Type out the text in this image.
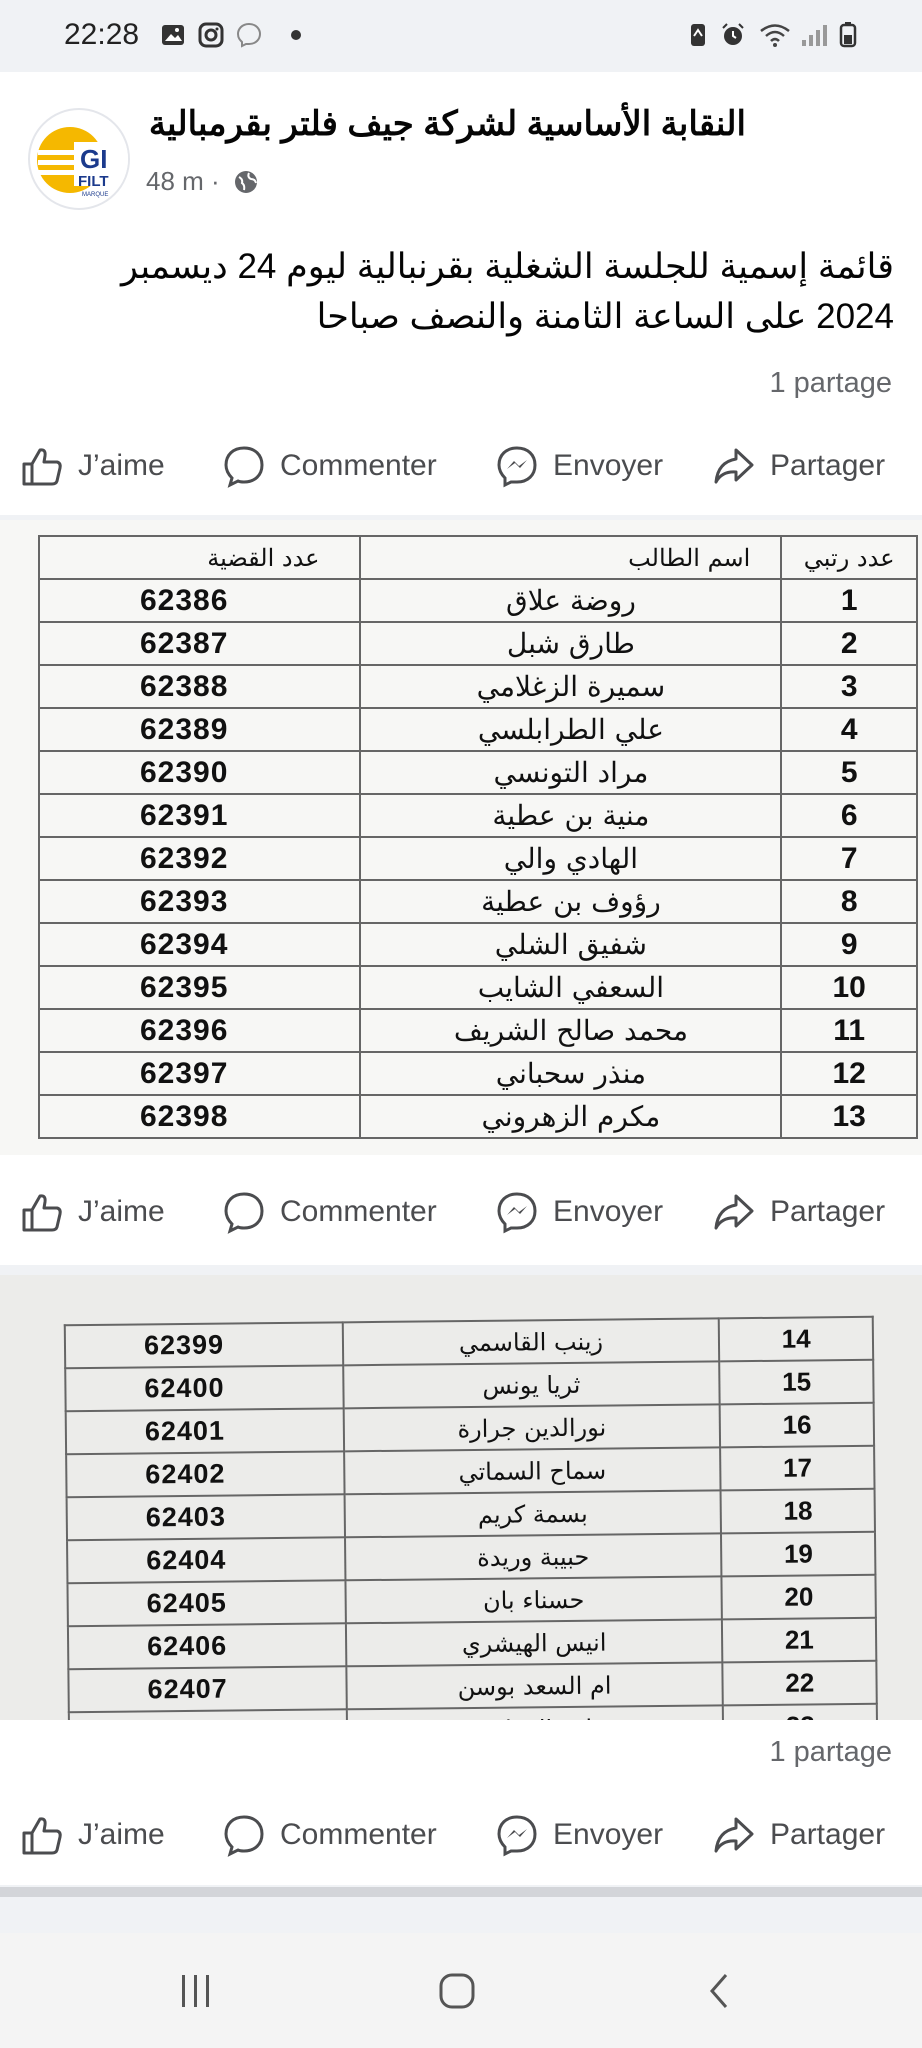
22:28
GI
FILT
MARQUE
النقابة الأساسية لشركة جيف فلتر بقرمبالية
48 m ·
قائمة إسمية للجلسة الشغلية بقرنبالية ليوم 24 ديسمبر 2024 على الساعة الثامنة والنصف صباحا
1 partage
J’aime	Commenter	Envoyer	Partager
عدد القضية	اسم الطالب	عدد رتبي
62386	روضة علاق	1
62387	طارق شبل	2
62388	سميرة الزغلامي	3
62389	علي الطرابلسي	4
62390	مراد التونسي	5
62391	منية بن عطية	6
62392	الهادي والي	7
62393	رؤوف بن عطية	8
62394	شفيق الشلي	9
62395	السعفي الشايب	10
62396	محمد صالح الشريف	11
62397	منذر سحباني	12
62398	مكرم الزهروني	13
J’aime	Commenter	Envoyer	Partager
62399	زينب القاسمي	14
62400	ثريا يونس	15
62401	نورالدين جرارة	16
62402	سماح السماتي	17
62403	بسمة كريم	18
62404	حبيبة وريدة	19
62405	حسناء بان	20
62406	انيس الهيشري	21
62407	ام السعد بوسن	22

1 partage
J’aime	Commenter	Envoyer	Partager
